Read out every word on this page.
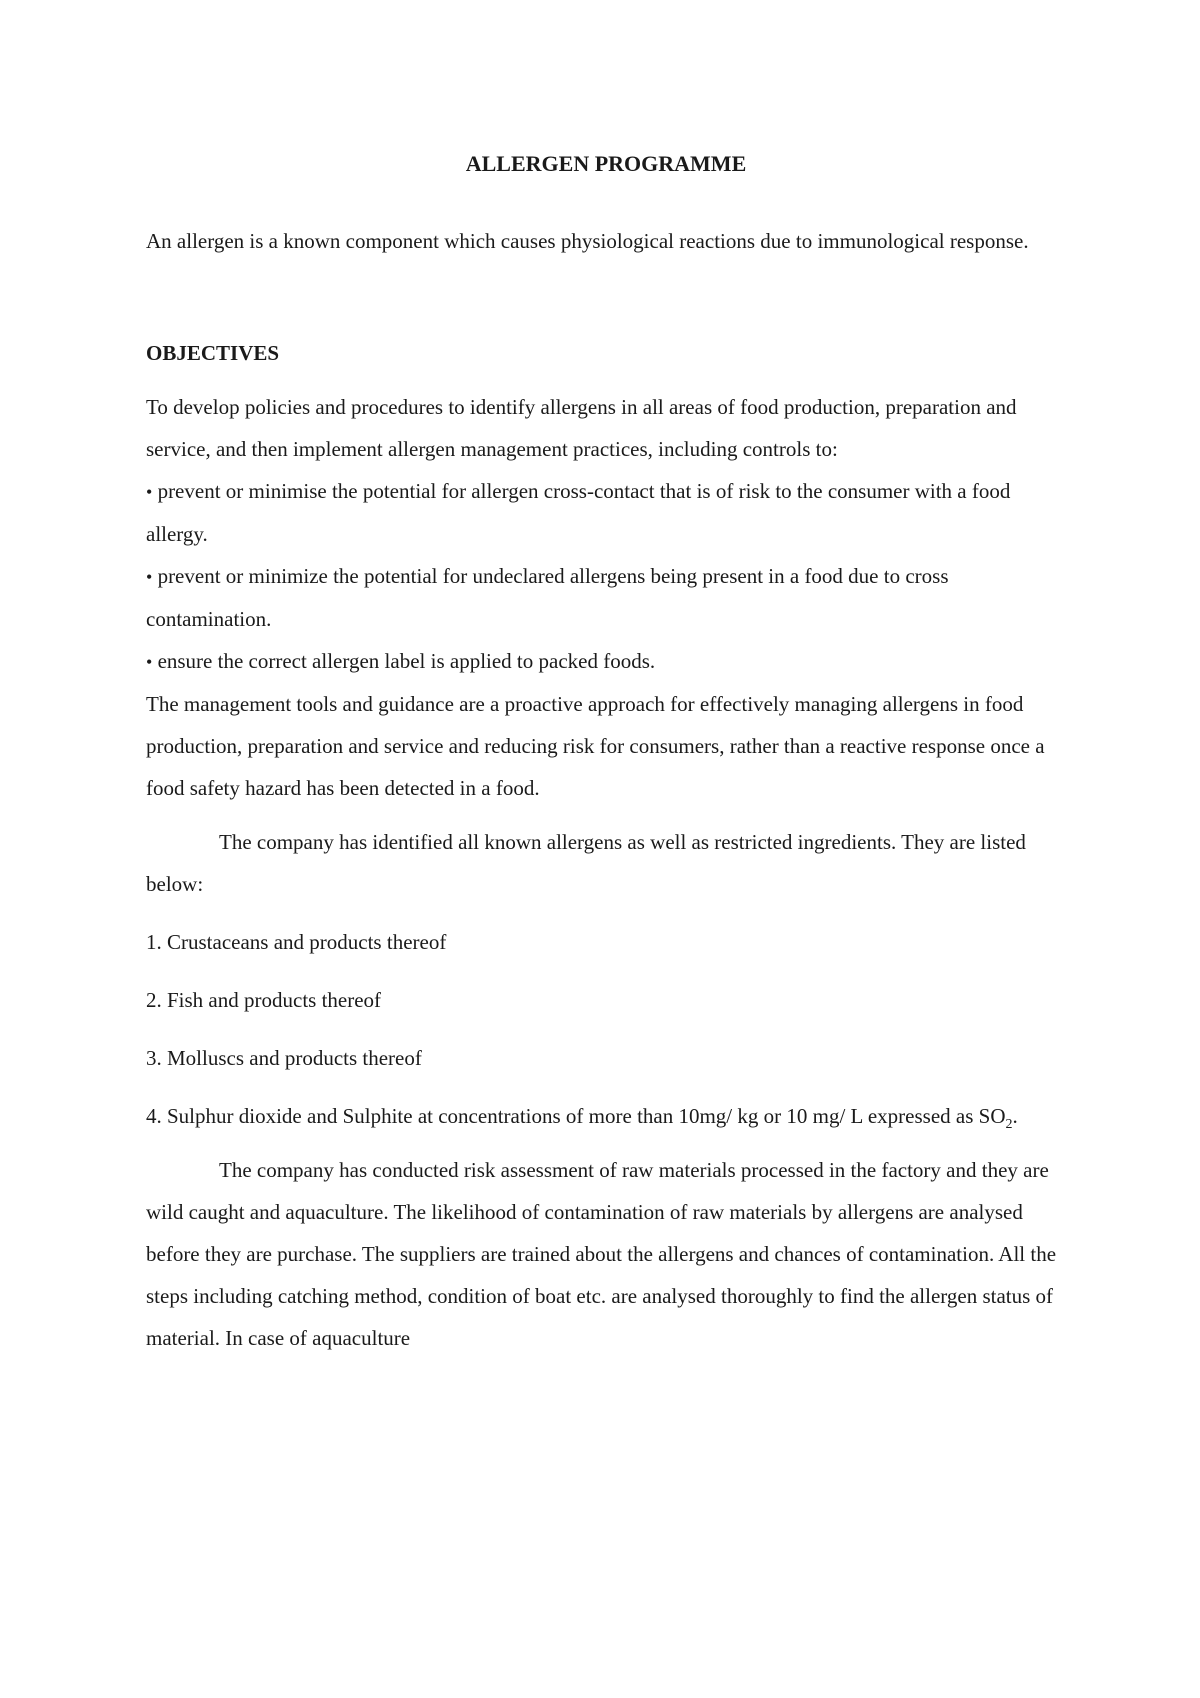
ALLERGEN PROGRAMME

An allergen is a known component which causes physiological reactions due to immunological response.

OBJECTIVES

To develop policies and procedures to identify allergens in all areas of food production, preparation and service, and then implement allergen management practices, including controls to:

• prevent or minimise the potential for allergen cross-contact that is of risk to the consumer with a food allergy.

• prevent or minimize the potential for undeclared allergens being present in a food due to cross contamination.

• ensure the correct allergen label is applied to packed foods.

The management tools and guidance are a proactive approach for effectively managing allergens in food production, preparation and service and reducing risk for consumers, rather than a reactive response once a food safety hazard has been detected in a food.

The company has identified all known allergens as well as restricted ingredients. They are listed below:

1. Crustaceans and products thereof

2. Fish and products thereof

3. Molluscs and products thereof

4. Sulphur dioxide and Sulphite at concentrations of more than 10mg/ kg or 10 mg/ L expressed as $SO_2$.

The company has conducted risk assessment of raw materials processed in the factory and they are wild caught and aquaculture. The likelihood of contamination of raw materials by allergens are analysed before they are purchase. The suppliers are trained about the allergens and chances of contamination. All the steps including catching method, condition of boat etc. are analysed thoroughly to find the allergen status of material. In case of aquaculture
